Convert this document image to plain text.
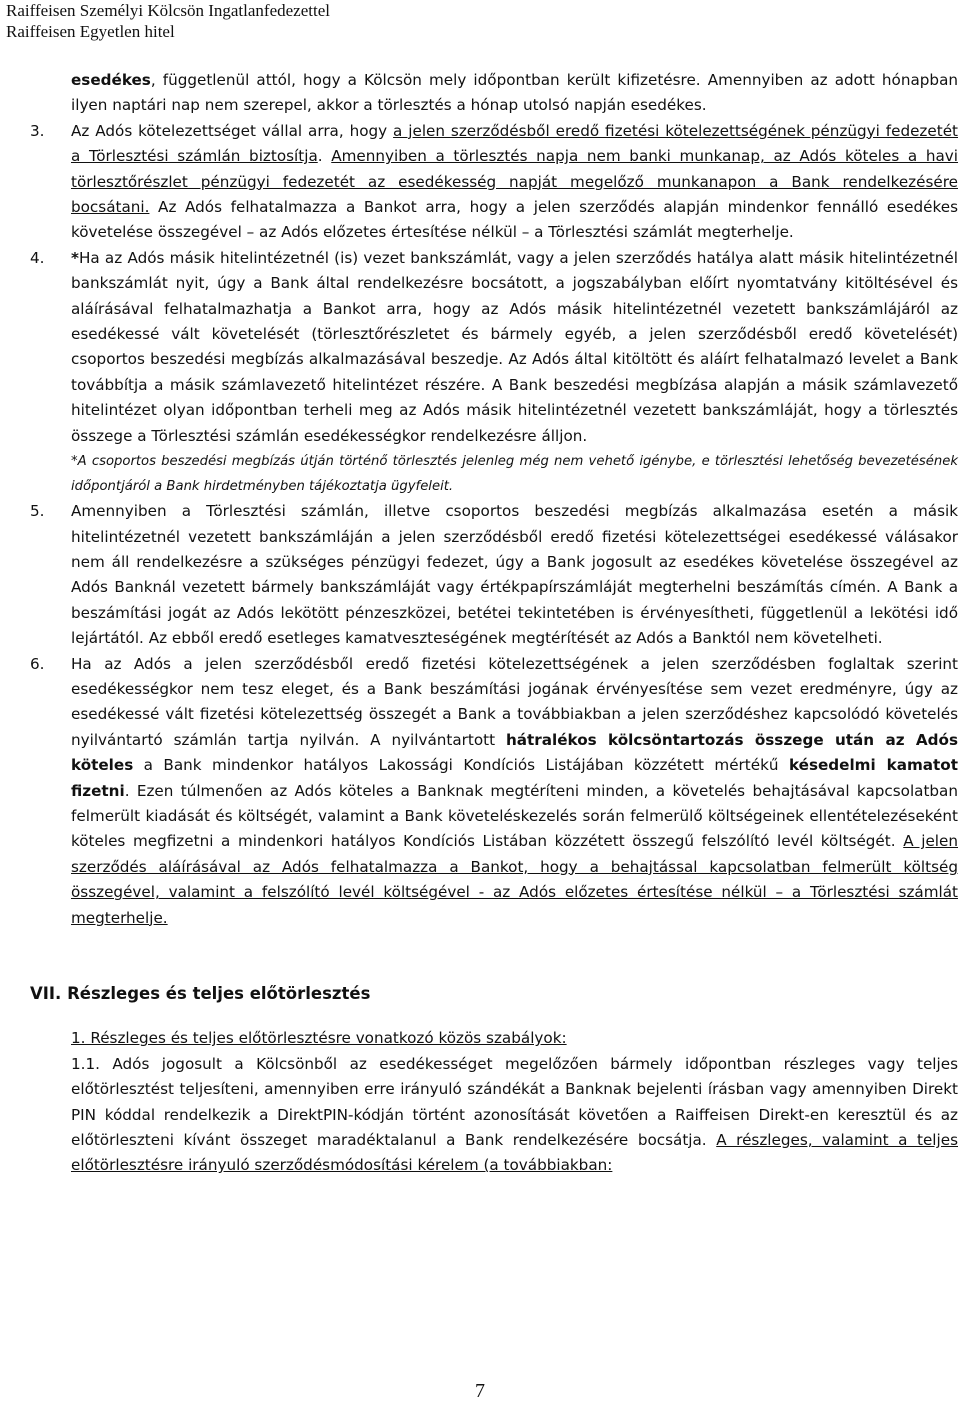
Raiffeisen Személyi Kölcsön Ingatlanfedezettel
Raiffeisen Egyetlen hitel

esedékes, függetlenül attól, hogy a Kölcsön mely időpontban került kifizetésre. Amennyiben az adott hónapban ilyen naptári nap nem szerepel, akkor a törlesztés a hónap utolsó napján esedékes.

3. Az Adós kötelezettséget vállal arra, hogy a jelen szerződésből eredő fizetési kötelezettségének pénzügyi fedezetét a Törlesztési számlán biztosítja. Amennyiben a törlesztés napja nem banki munkanap, az Adós köteles a havi törlesztőrészlet pénzügyi fedezetét az esedékesség napját megelőző munkanapon a Bank rendelkezésére bocsátani. Az Adós felhatalmazza a Bankot arra, hogy a jelen szerződés alapján mindenkor fennálló esedékes követelése összegével – az Adós előzetes értesítése nélkül – a Törlesztési számlát megterhelje.

4. *Ha az Adós másik hitelintézetnél (is) vezet bankszámlát, vagy a jelen szerződés hatálya alatt másik hitelintézetnél bankszámlát nyit, úgy a Bank által rendelkezésre bocsátott, a jogszabályban előírt nyomtatvány kitöltésével és aláírásával felhatalmazhatja a Bankot arra, hogy az Adós másik hitelintézetnél vezetett bankszámlájáról az esedékessé vált követelését (törlesztőrészletet és bármely egyéb, a jelen szerződésből eredő követelését) csoportos beszedési megbízás alkalmazásával beszedje. Az Adós által kitöltött és aláírt felhatalmazó levelet a Bank továbbítja a másik számlavezető hitelintézet részére. A Bank beszedési megbízása alapján a másik számlavezető hitelintézet olyan időpontban terheli meg az Adós másik hitelintézetnél vezetett bankszámláját, hogy a törlesztés összege a Törlesztési számlán esedékességkor rendelkezésre álljon.

*A csoportos beszedési megbízás útján történő törlesztés jelenleg még nem vehető igénybe, e törlesztési lehetőség bevezetésének időpontjáról a Bank hirdetményben tájékoztatja ügyfeleit.

5. Amennyiben a Törlesztési számlán, illetve csoportos beszedési megbízás alkalmazása esetén a másik hitelintézetnél vezetett bankszámláján a jelen szerződésből eredő fizetési kötelezettségei esedékessé válásakor nem áll rendelkezésre a szükséges pénzügyi fedezet, úgy a Bank jogosult az esedékes követelése összegével az Adós Banknál vezetett bármely bankszámláját vagy értékpapírszámláját megterhelni beszámítás címén. A Bank a beszámítási jogát az Adós lekötött pénzeszközei, betétei tekintetében is érvényesítheti, függetlenül a lekötési idő lejártától. Az ebből eredő esetleges kamatveszteségének megtérítését az Adós a Banktól nem követelheti.

6. Ha az Adós a jelen szerződésből eredő fizetési kötelezettségének a jelen szerződésben foglaltak szerint esedékességkor nem tesz eleget, és a Bank beszámítási jogának érvényesítése sem vezet eredményre, úgy az esedékessé vált fizetési kötelezettség összegét a Bank a továbbiakban a jelen szerződéshez kapcsolódó követelés nyilvántartó számlán tartja nyilván. A nyilvántartott hátralékos kölcsöntartozás összege után az Adós köteles a Bank mindenkor hatályos Lakossági Kondíciós Listájában közzétett mértékű késedelmi kamatot fizetni. Ezen túlmenően az Adós köteles a Banknak megtéríteni minden, a követelés behajtásával kapcsolatban felmerült kiadását és költségét, valamint a Bank követeléskezelés során felmerülő költségeinek ellentételezéseként köteles megfizetni a mindenkori hatályos Kondíciós Listában közzétett összegű felszólító levél költségét. A jelen szerződés aláírásával az Adós felhatalmazza a Bankot, hogy a behajtással kapcsolatban felmerült költség összegével, valamint a felszólító levél költségével - az Adós előzetes értesítése nélkül – a Törlesztési számlát megterhelje.

VII. Részleges és teljes előtörlesztés
1. Részleges és teljes előtörlesztésre vonatkozó közös szabályok:

1.1. Adós jogosult a Kölcsönből az esedékességet megelőzően bármely időpontban részleges vagy teljes előtörlesztést teljesíteni, amennyiben erre irányuló szándékát a Banknak bejelenti írásban vagy amennyiben Direkt PIN kóddal rendelkezik a DirektPIN-kódján történt azonosítását követően a Raiffeisen Direkt-en keresztül és az előtörleszteni kívánt összeget maradéktalanul a Bank rendelkezésére bocsátja. A részleges, valamint a teljes előtörlesztésre irányuló szerződésmódosítási kérelem (a továbbiakban:

7
